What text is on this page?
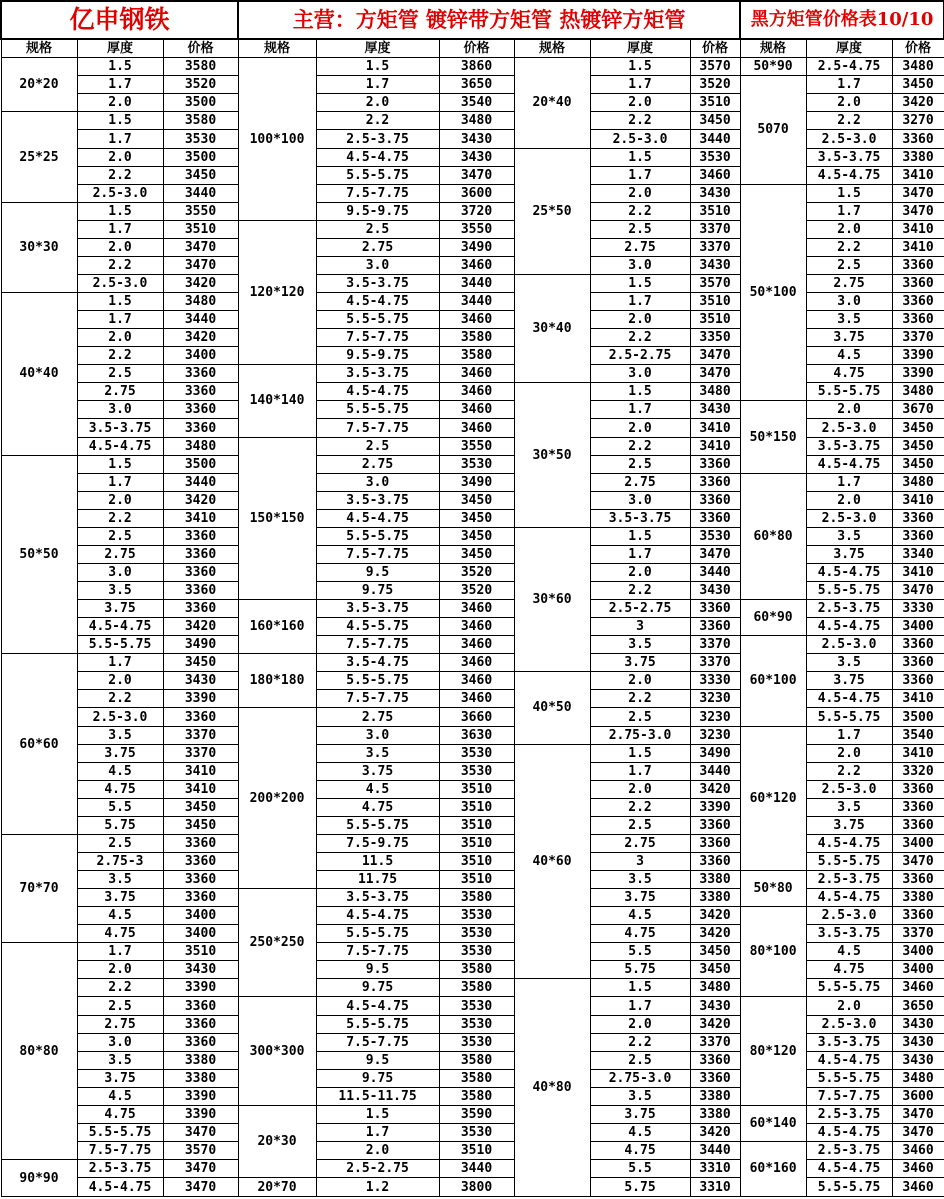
亿申钢铁			主营：方矩管 镀锌带方矩管 热镀锌方矩管						黑方矩管价格表10/10		
规格	厚度	价格	规格	厚度	价格	规格	厚度	价格	规格	厚度	价格
20*20	1.5	3580	100*100	1.5	3860	20*40	1.5	3570	50*90	2.5-4.75	3480
	1.7	3520		1.7	3650		1.7	3520	5070	1.7	3450
	2.0	3500		2.0	3540		2.0	3510		2.0	3420
25*25	1.5	3580		2.2	3480		2.2	3450		2.2	3270
	1.7	3530		2.5-3.75	3430		2.5-3.0	3440		2.5-3.0	3360
	2.0	3500		4.5-4.75	3430	25*50	1.5	3530		3.5-3.75	3380
	2.2	3450		5.5-5.75	3470		1.7	3460		4.5-4.75	3410
	2.5-3.0	3440		7.5-7.75	3600		2.0	3430	50*100	1.5	3470
30*30	1.5	3550		9.5-9.75	3720		2.2	3510		1.7	3470
	1.7	3510	120*120	2.5	3550		2.5	3370		2.0	3410
	2.0	3470		2.75	3490		2.75	3370		2.2	3410
	2.2	3470		3.0	3460		3.0	3430		2.5	3360
	2.5-3.0	3420		3.5-3.75	3440	30*40	1.5	3570		2.75	3360
40*40	1.5	3480		4.5-4.75	3440		1.7	3510		3.0	3360
	1.7	3440		5.5-5.75	3460		2.0	3510		3.5	3360
	2.0	3420		7.5-7.75	3580		2.2	3350		3.75	3370
	2.2	3400		9.5-9.75	3580		2.5-2.75	3470		4.5	3390
	2.5	3360	140*140	3.5-3.75	3460		3.0	3470		4.75	3390
	2.75	3360		4.5-4.75	3460	30*50	1.5	3480		5.5-5.75	3480
	3.0	3360		5.5-5.75	3460		1.7	3430	50*150	2.0	3670
	3.5-3.75	3360		7.5-7.75	3460		2.0	3410		2.5-3.0	3450
	4.5-4.75	3480	150*150	2.5	3550		2.2	3410		3.5-3.75	3450
50*50	1.5	3500		2.75	3530		2.5	3360		4.5-4.75	3450
	1.7	3440		3.0	3490		2.75	3360	60*80	1.7	3480
	2.0	3420		3.5-3.75	3450		3.0	3360		2.0	3410
	2.2	3410		4.5-4.75	3450		3.5-3.75	3360		2.5-3.0	3360
	2.5	3360		5.5-5.75	3450	30*60	1.5	3530		3.5	3360
	2.75	3360		7.5-7.75	3450		1.7	3470		3.75	3340
	3.0	3360		9.5	3520		2.0	3440		4.5-4.75	3410
	3.5	3360		9.75	3520		2.2	3430		5.5-5.75	3470
	3.75	3360	160*160	3.5-3.75	3460		2.5-2.75	3360	60*90	2.5-3.75	3330
	4.5-4.75	3420		4.5-5.75	3460		3	3360		4.5-4.75	3400
	5.5-5.75	3490		7.5-7.75	3460		3.5	3370	60*100	2.5-3.0	3360
60*60	1.7	3450	180*180	3.5-4.75	3460		3.75	3370		3.5	3360
	2.0	3430		5.5-5.75	3460	40*50	2.0	3330		3.75	3360
	2.2	3390		7.5-7.75	3460		2.2	3230		4.5-4.75	3410
	2.5-3.0	3360	200*200	2.75	3660		2.5	3230		5.5-5.75	3500
	3.5	3370		3.0	3630		2.75-3.0	3230	60*120	1.7	3540
	3.75	3370		3.5	3530	40*60	1.5	3490		2.0	3410
	4.5	3410		3.75	3530		1.7	3440		2.2	3320
	4.75	3410		4.5	3510		2.0	3420		2.5-3.0	3360
	5.5	3450		4.75	3510		2.2	3390		3.5	3360
	5.75	3450		5.5-5.75	3510		2.5	3360		3.75	3360
70*70	2.5	3360		7.5-9.75	3510		2.75	3360		4.5-4.75	3400
	2.75-3	3360		11.5	3510		3	3360		5.5-5.75	3470
	3.5	3360		11.75	3510		3.5	3380	50*80	2.5-3.75	3360
	3.75	3360	250*250	3.5-3.75	3580		3.75	3380		4.5-4.75	3380
	4.5	3400		4.5-4.75	3530		4.5	3420	80*100	2.5-3.0	3360
	4.75	3400		5.5-5.75	3530		4.75	3420		3.5-3.75	3370
80*80	1.7	3510		7.5-7.75	3530		5.5	3450		4.5	3400
	2.0	3430		9.5	3580		5.75	3450		4.75	3400
	2.2	3390		9.75	3580	40*80	1.5	3480		5.5-5.75	3460
	2.5	3360	300*300	4.5-4.75	3530		1.7	3430	80*120	2.0	3650
	2.75	3360		5.5-5.75	3530		2.0	3420		2.5-3.0	3430
	3.0	3360		7.5-7.75	3530		2.2	3370		3.5-3.75	3430
	3.5	3380		9.5	3580		2.5	3360		4.5-4.75	3430
	3.75	3380		9.75	3580		2.75-3.0	3360		5.5-5.75	3480
	4.5	3390		11.5-11.75	3580		3.5	3380		7.5-7.75	3600
	4.75	3390	20*30	1.5	3590		3.75	3380	60*140	2.5-3.75	3470
	5.5-5.75	3470		1.7	3530		4.5	3420		4.5-4.75	3470
	7.5-7.75	3570		2.0	3510		4.75	3440	60*160	2.5-3.75	3460
90*90	2.5-3.75	3470		2.5-2.75	3440		5.5	3310		4.5-4.75	3460
	4.5-4.75	3470	20*70	1.2	3800		5.75	3310		5.5-5.75	3460
